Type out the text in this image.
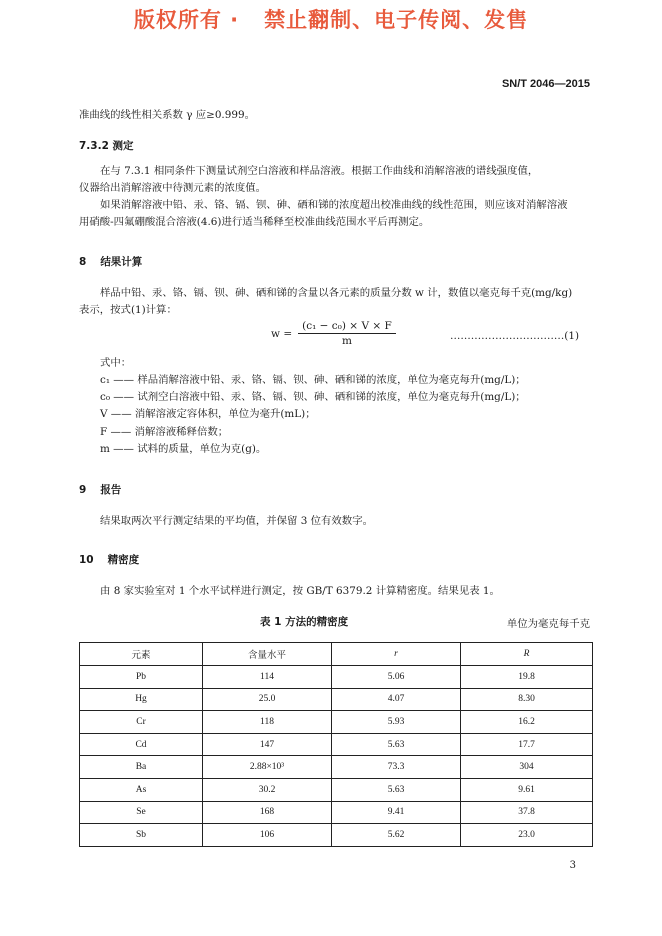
版权所有 ·   禁止翻制、电子传阅、发售
SN/T 2046—2015
准曲线的线性相关系数 γ 应≥0.999。
7.3.2 测定
在与 7.3.1 相同条件下测量试剂空白溶液和样品溶液。根据工作曲线和消解溶液的谱线强度值，
仪器给出消解溶液中待测元素的浓度值。
如果消解溶液中铅、汞、铬、镉、钡、砷、硒和锑的浓度超出校准曲线的线性范围，则应该对消解溶液
用硝酸-四氟硼酸混合溶液(4.6)进行适当稀释至校准曲线范围水平后再测定。
8 结果计算
样品中铅、汞、铬、镉、钡、砷、硒和锑的含量以各元素的质量分数 w 计，数值以毫克每千克(mg/kg)
表示，按式(1)计算：
$w = \frac{\text{(c₁ − c₀) × V × F}}{m}$	……………………………(1)
式中：
c₁ —— 样品消解溶液中铅、汞、铬、镉、钡、砷、硒和锑的浓度，单位为毫克每升(mg/L)；
c₀ —— 试剂空白溶液中铅、汞、铬、镉、钡、砷、硒和锑的浓度，单位为毫克每升(mg/L)；
V —— 消解溶液定容体积，单位为毫升(mL)；
F —— 消解溶液稀释倍数；
m —— 试料的质量，单位为克(g)。
9 报告
结果取两次平行测定结果的平均值，并保留 3 位有效数字。
10 精密度
由 8 家实验室对 1 个水平试样进行测定，按 GB/T 6379.2 计算精密度。结果见表 1。
表 1 方法的精密度	单位为毫克每千克
元素	含量水平	r	R
Pb	114	5.06	19.8
Hg	25.0	4.07	8.30
Cr	118	5.93	16.2
Cd	147	5.63	17.7
Ba	2.88×10³	73.3	304
As	30.2	5.63	9.61
Se	168	9.41	37.8
Sb	106	5.62	23.0
3
